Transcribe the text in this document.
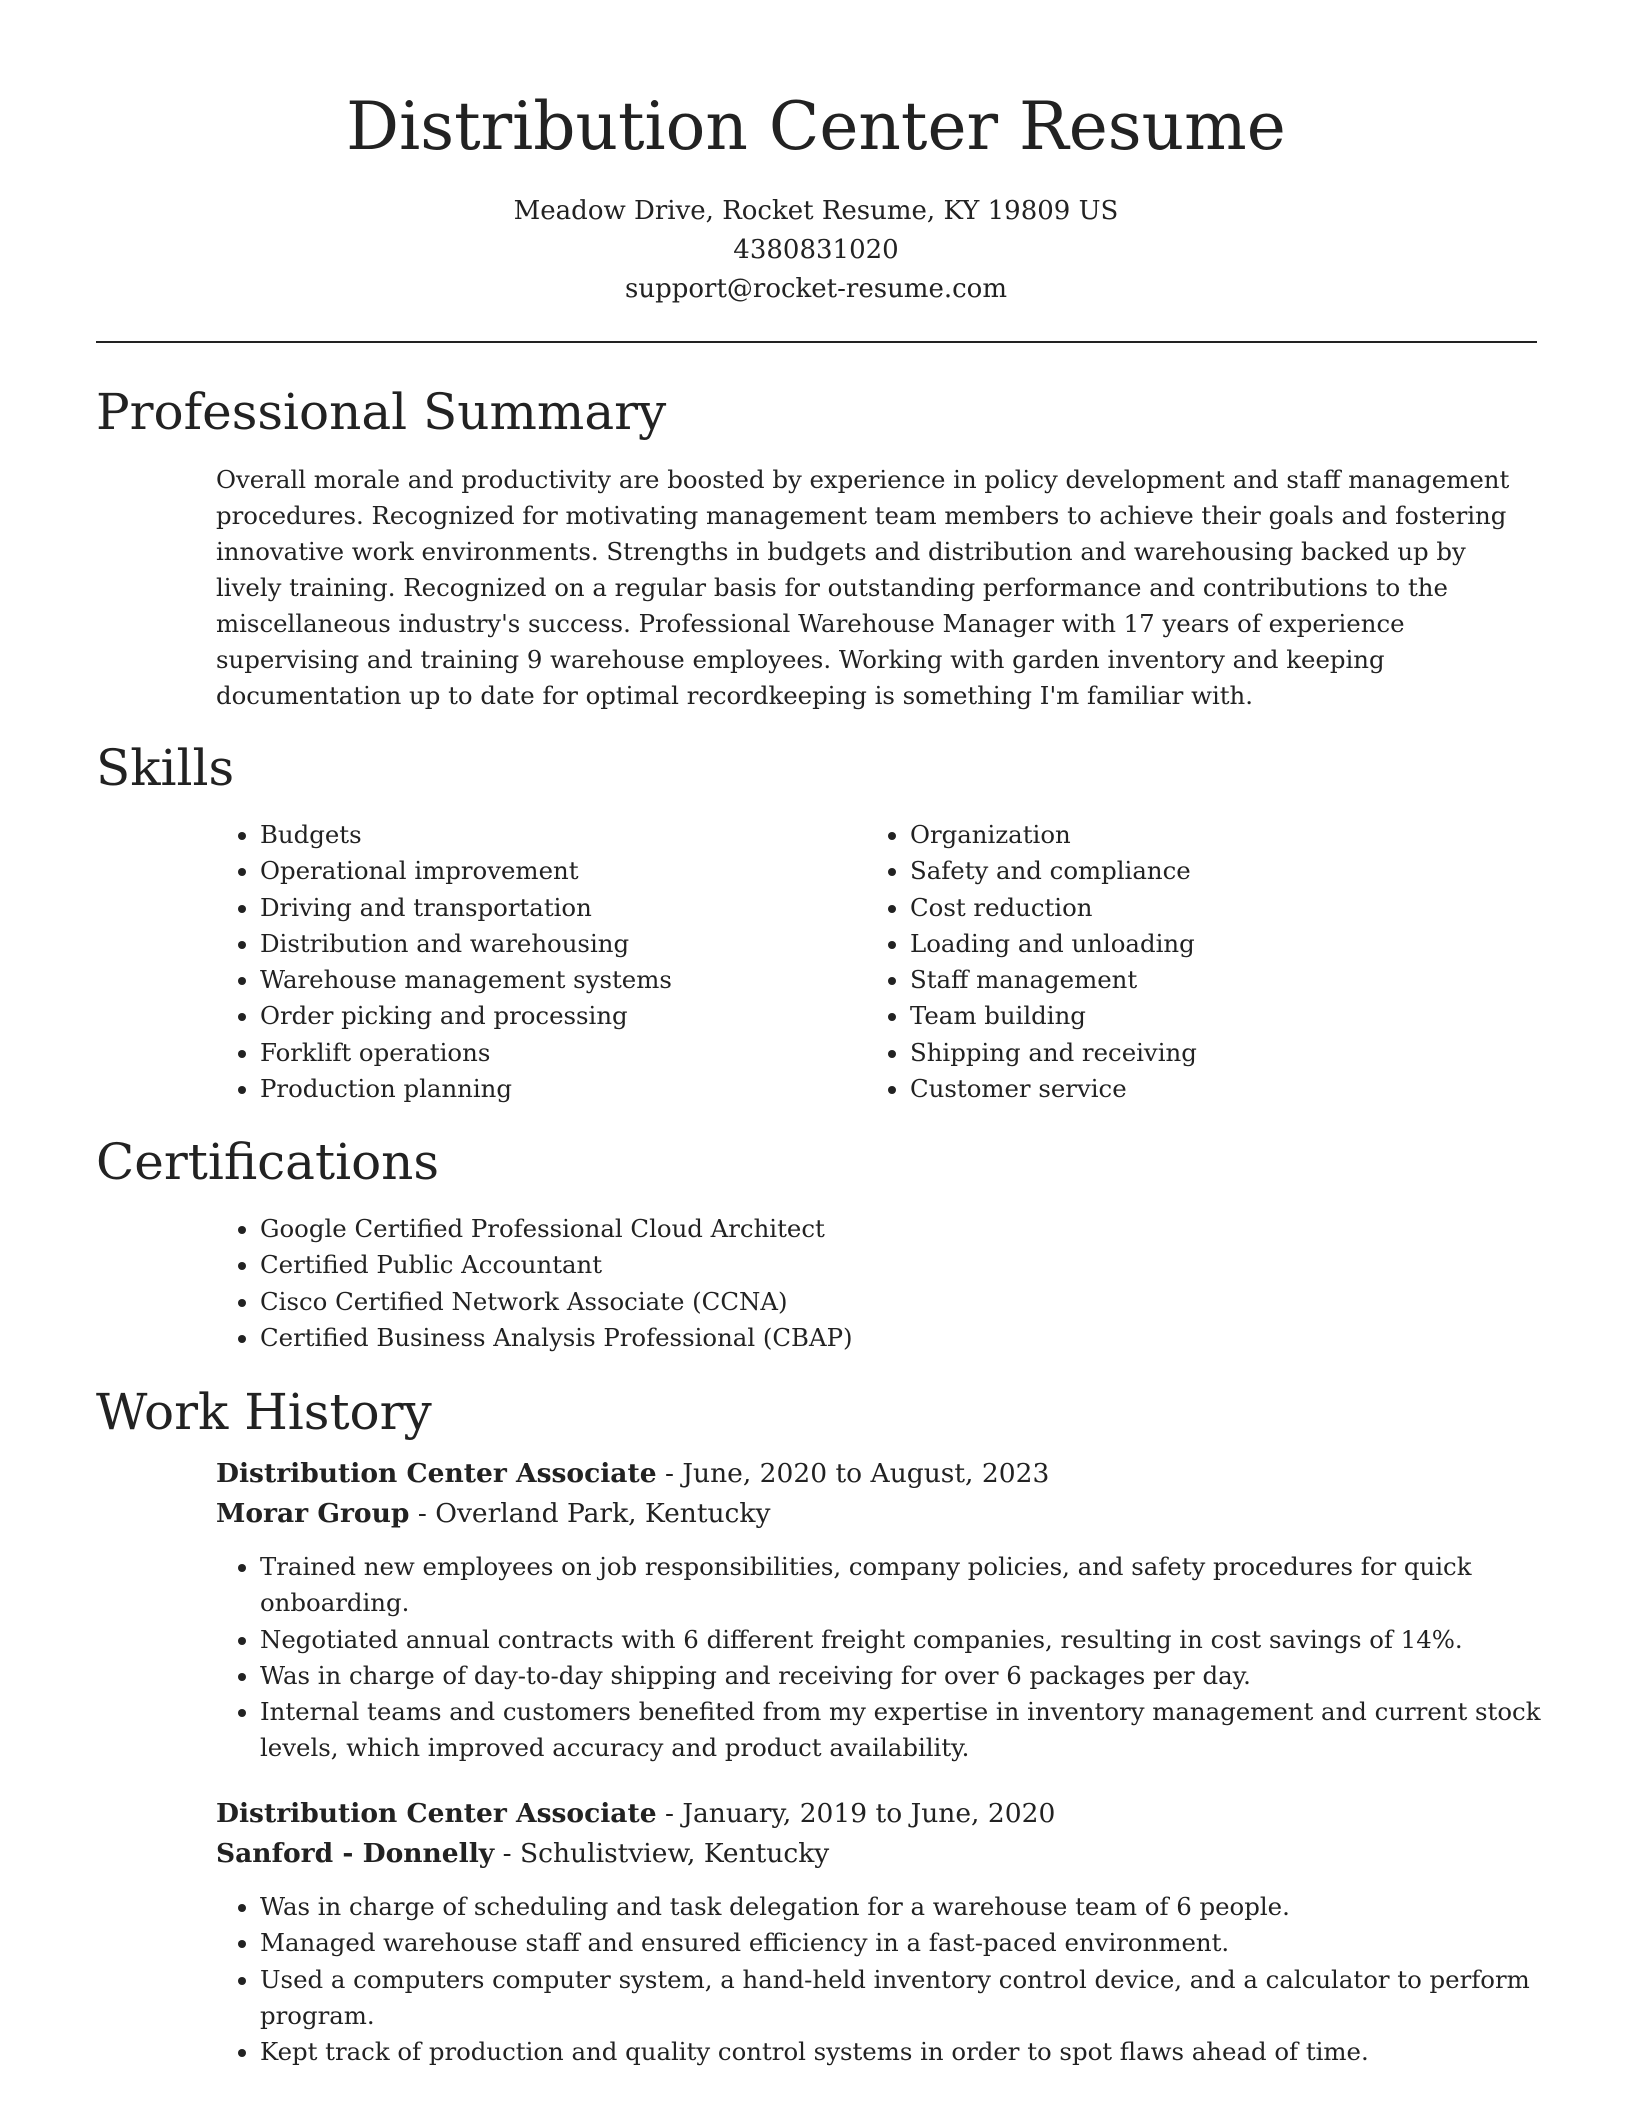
Distribution Center Resume
Meadow Drive, Rocket Resume, KY 19809 US
4380831020
support@rocket-resume.com
Professional Summary

Overall morale and productivity are boosted by experience in policy development and staff management procedures. Recognized for motivating management team members to achieve their goals and fostering innovative work environments. Strengths in budgets and distribution and warehousing backed up by lively training. Recognized on a regular basis for outstanding performance and contributions to the miscellaneous industry's success. Professional Warehouse Manager with 17 years of experience supervising and training 9 warehouse employees. Working with garden inventory and keeping documentation up to date for optimal recordkeeping is something I'm familiar with.

Skills
• Budgets
• Operational improvement
• Driving and transportation
• Distribution and warehousing
• Warehouse management systems
• Order picking and processing
• Forklift operations
• Production planning
• Organization
• Safety and compliance
• Cost reduction
• Loading and unloading
• Staff management
• Team building
• Shipping and receiving
• Customer service
Certifications
• Google Certified Professional Cloud Architect
• Certified Public Accountant
• Cisco Certified Network Associate (CCNA)
• Certified Business Analysis Professional (CBAP)
Work History
Distribution Center Associate - June, 2020 to August, 2023
Morar Group - Overland Park, Kentucky
• Trained new employees on job responsibilities, company policies, and safety procedures for quick onboarding.
• Negotiated annual contracts with 6 different freight companies, resulting in cost savings of 14%.
• Was in charge of day-to-day shipping and receiving for over 6 packages per day.
• Internal teams and customers benefited from my expertise in inventory management and current stock levels, which improved accuracy and product availability.
Distribution Center Associate - January, 2019 to June, 2020
Sanford - Donnelly - Schulistview, Kentucky
• Was in charge of scheduling and task delegation for a warehouse team of 6 people.
• Managed warehouse staff and ensured efficiency in a fast-paced environment.
• Used a computers computer system, a hand-held inventory control device, and a calculator to perform program.
• Kept track of production and quality control systems in order to spot flaws ahead of time.
